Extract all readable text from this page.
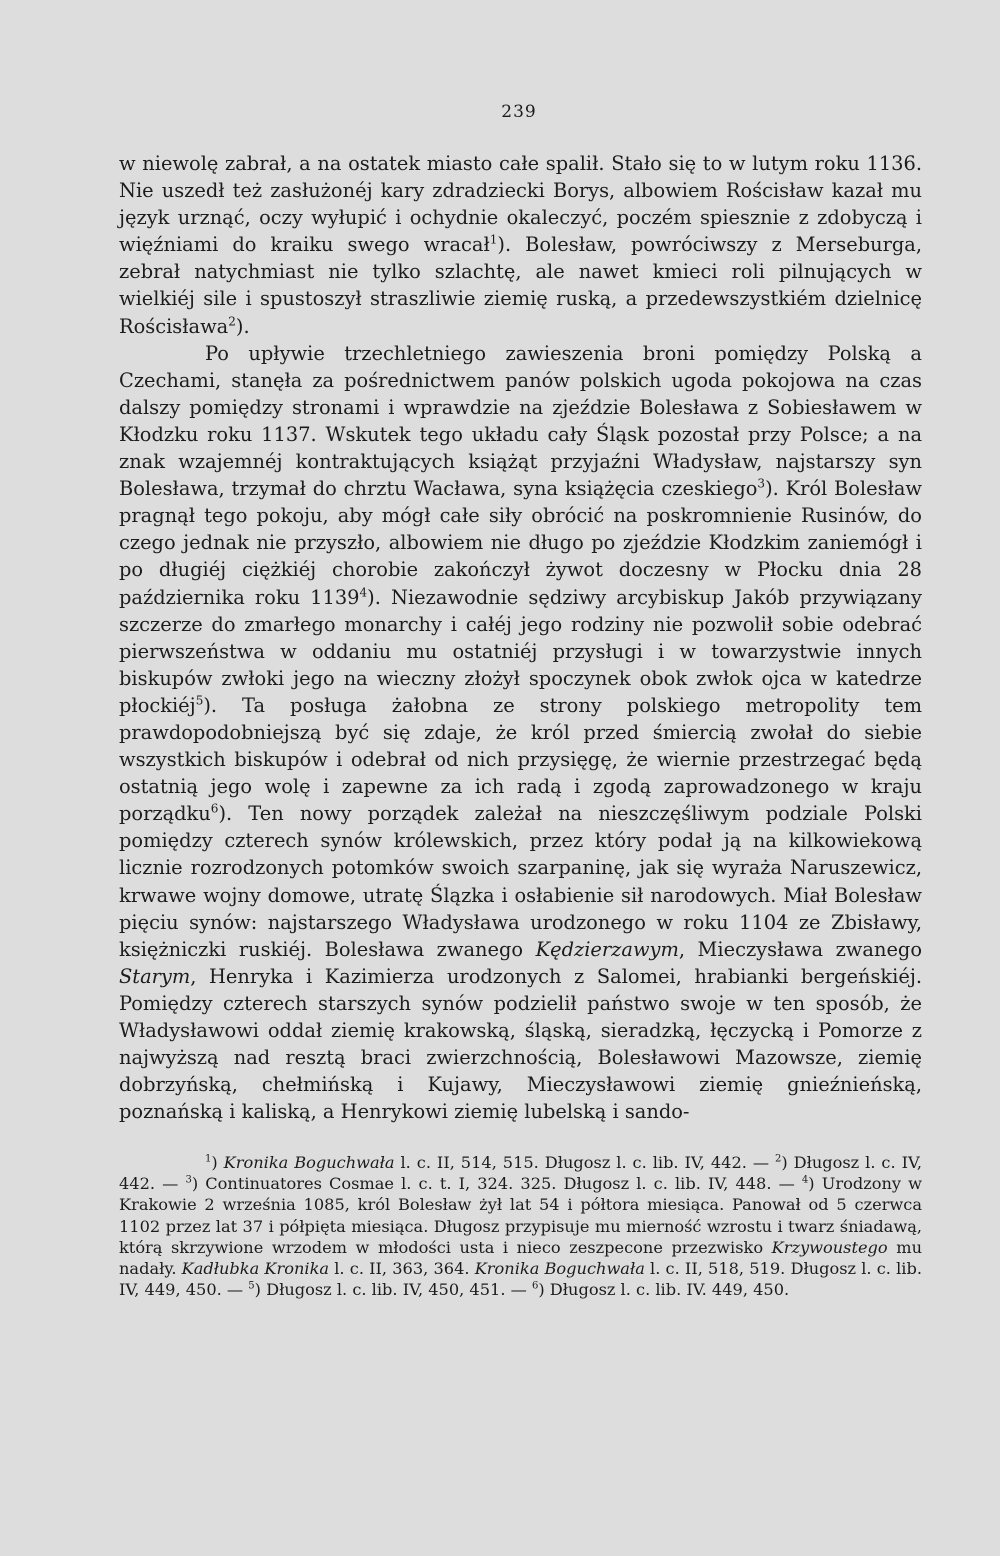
239

w niewolę zabrał, a na ostatek miasto całe spalił. Stało się to w lutym roku 1136. Nie uszedł też zasłużonéj kary zdradziecki Borys, albowiem Rościsław kazał mu język urznąć, oczy wyłupić i ochydnie okaleczyć, poczém spiesznie z zdobyczą i więźniami do kraiku swego wracał$^1$). Bolesław, powróciwszy z Merseburga, zebrał natychmiast nie tylko szlachtę, ale nawet kmieci roli pilnujących w wielkiéj sile i spustoszył straszliwie ziemię ruską, a przedewszystkiém dzielnicę Rościsława$^2$).

Po upływie trzechletniego zawieszenia broni pomiędzy Polską a Czechami, stanęła za pośrednictwem panów polskich ugoda pokojowa na czas dalszy pomiędzy stronami i wprawdzie na zjeździe Bolesława z Sobiesławem w Kłodzku roku 1137. Wskutek tego układu cały Śląsk pozostał przy Polsce; a na znak wzajemnéj kontraktujących książąt przyjaźni Władysław, najstarszy syn Bolesława, trzymał do chrztu Wacława, syna książęcia czeskiego$^3$). Król Bolesław pragnął tego pokoju, aby mógł całe siły obrócić na poskromnienie Rusinów, do czego jednak nie przyszło, albowiem nie długo po zjeździe Kłodzkim zaniemógł i po długiéj ciężkiéj chorobie zakończył żywot doczesny w Płocku dnia 28 października roku 1139$^4$). Niezawodnie sędziwy arcybiskup Jakób przywiązany szczerze do zmarłego monarchy i całéj jego rodziny nie pozwolił sobie odebrać pierwszeństwa w oddaniu mu ostatniéj przysługi i w towarzystwie innych biskupów zwłoki jego na wieczny złożył spoczynek obok zwłok ojca w katedrze płockiéj$^5$). Ta posługa żałobna ze strony polskiego metropolity tem prawdopodobniejszą być się zdaje, że król przed śmiercią zwołał do siebie wszystkich biskupów i odebrał od nich przysięgę, że wiernie przestrzegać będą ostatnią jego wolę i zapewne za ich radą i zgodą zaprowadzonego w kraju porządku$^6$). Ten nowy porządek zależał na nieszczęśliwym podziale Polski pomiędzy czterech synów królewskich, przez który podał ją na kilkowiekową licznie rozrodzonych potomków swoich szarpaninę, jak się wyraża Naruszewicz, krwawe wojny domowe, utratę Ślązka i osłabienie sił narodowych. Miał Bolesław pięciu synów: najstarszego Władysława urodzonego w roku 1104 ze Zbisławy, księżniczki ruskiéj. Bolesława zwanego Kędzierzawym, Mieczysława zwanego Starym, Henryka i Kazimierza urodzonych z Salomei, hrabianki bergeńskiéj. Pomiędzy czterech starszych synów podzielił państwo swoje w ten sposób, że Władysławowi oddał ziemię krakowską, śląską, sieradzką, łęczycką i Pomorze z najwyższą nad resztą braci zwierzchnością, Bolesławowi Mazowsze, ziemię dobrzyńską, chełmińską i Kujawy, Mieczysławowi ziemię gnieźnieńską, poznańską i kaliską, a Henrykowi ziemię lubelską i sando-

$^1$) Kronika Boguchwała l. c. II, 514, 515. Długosz l. c. lib. IV, 442. — $^2$) Długosz l. c. IV, 442. — $^3$) Continuatores Cosmae l. c. t. I, 324. 325. Długosz l. c. lib. IV, 448. — $^4$) Urodzony w Krakowie 2 września 1085, król Bolesław żył lat 54 i półtora miesiąca. Panował od 5 czerwca 1102 przez lat 37 i półpięta miesiąca. Długosz przypisuje mu mierność wzrostu i twarz śniadawą, którą skrzywione wrzodem w młodości usta i nieco zeszpecone przezwisko Krzywoustego mu nadały. Kadłubka Kronika l. c. II, 363, 364. Kronika Boguchwała l. c. II, 518, 519. Długosz l. c. lib. IV, 449, 450. — $^5$) Długosz l. c. lib. IV, 450, 451. — $^6$) Długosz l. c. lib. IV. 449, 450.
